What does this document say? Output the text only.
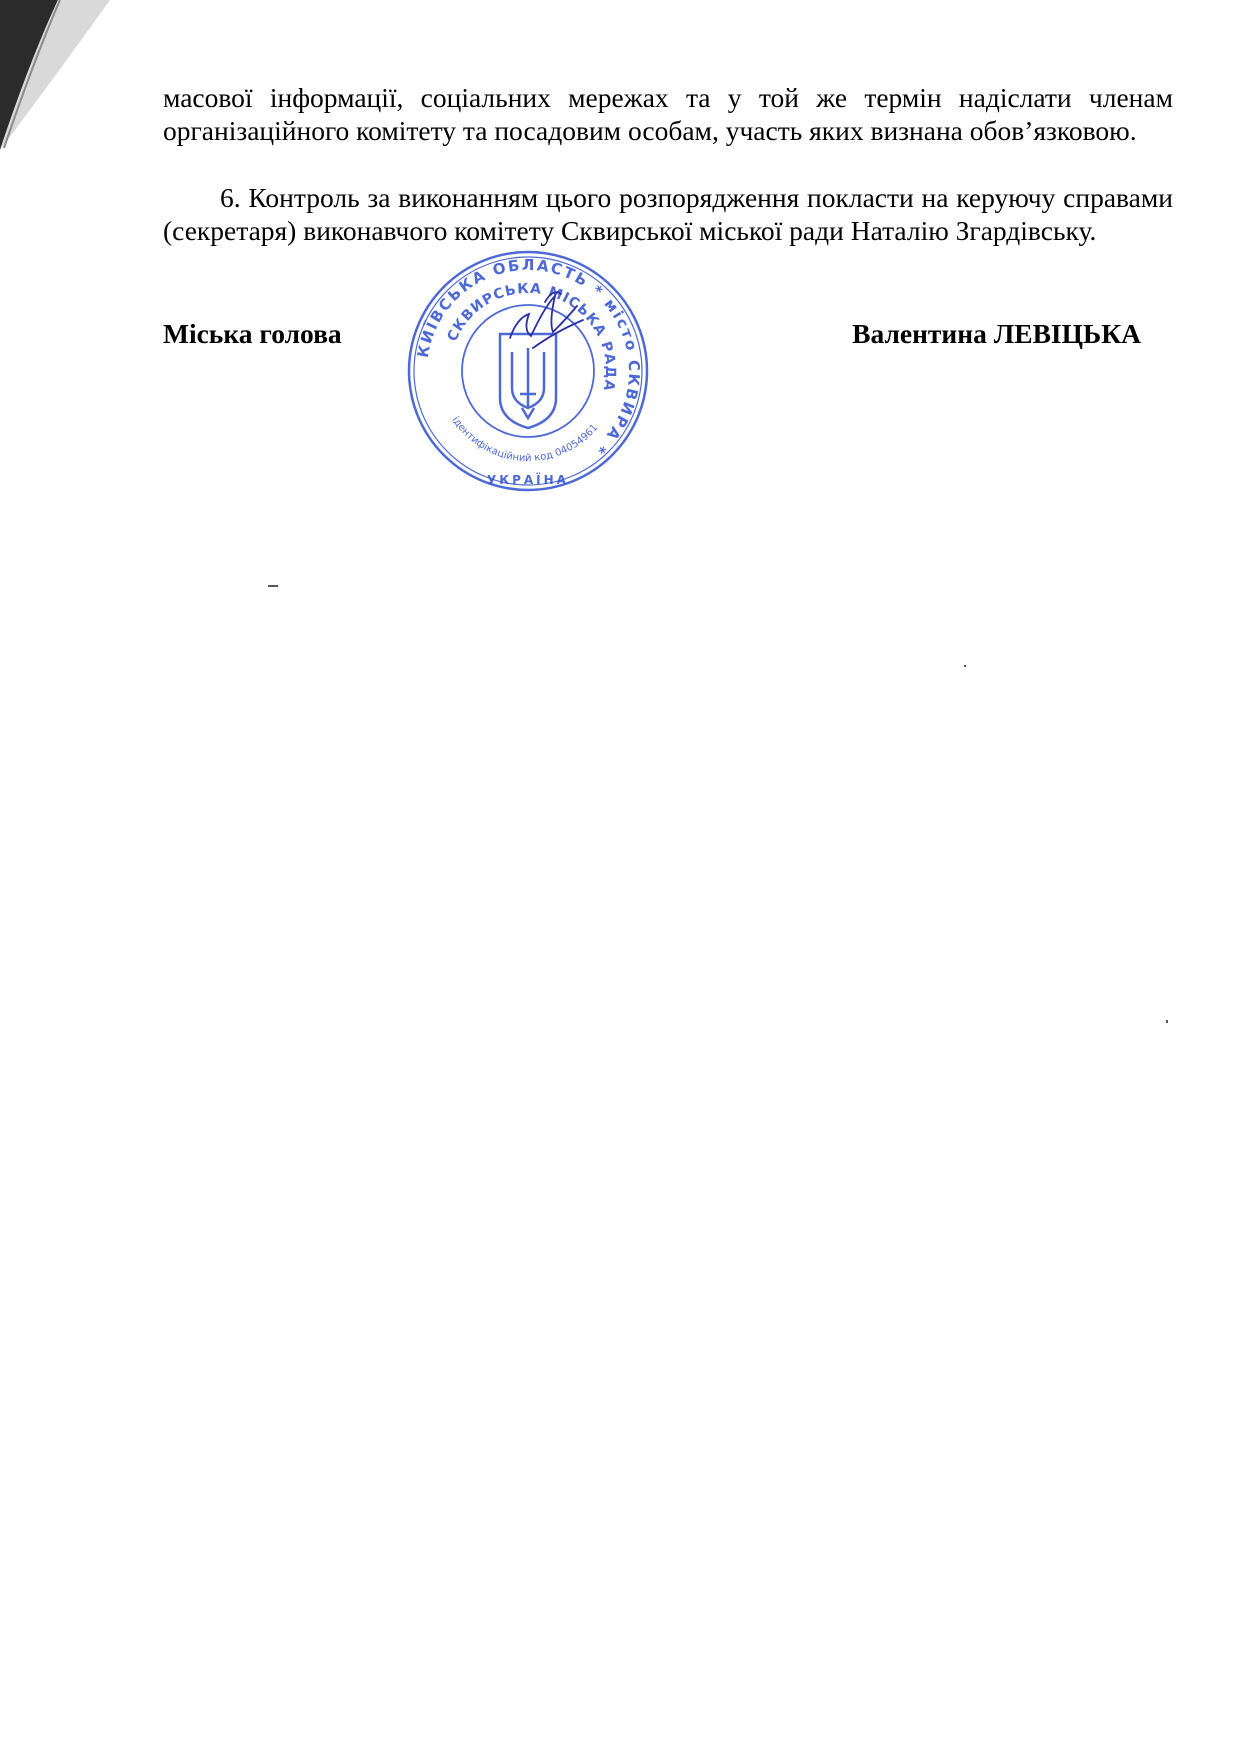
масової інформації, соціальних мережах та у той же термін надіслати членам організаційного комітету та посадовим особам, участь яких визнана обов’язковою.

6. Контроль за виконанням цього розпорядження покласти на керуючу справами (секретаря) виконавчого комітету Сквирської міської ради Наталію Згардівську.

Міська голова	Валентина ЛЕВІЦЬКА
КИЇВСЬКА ОБЛАСТЬ * місто СКВИРА *
СКВИРСЬКА МІСЬКА РАДА
ідентифікаційний код 04054961
УКРАЇНА
